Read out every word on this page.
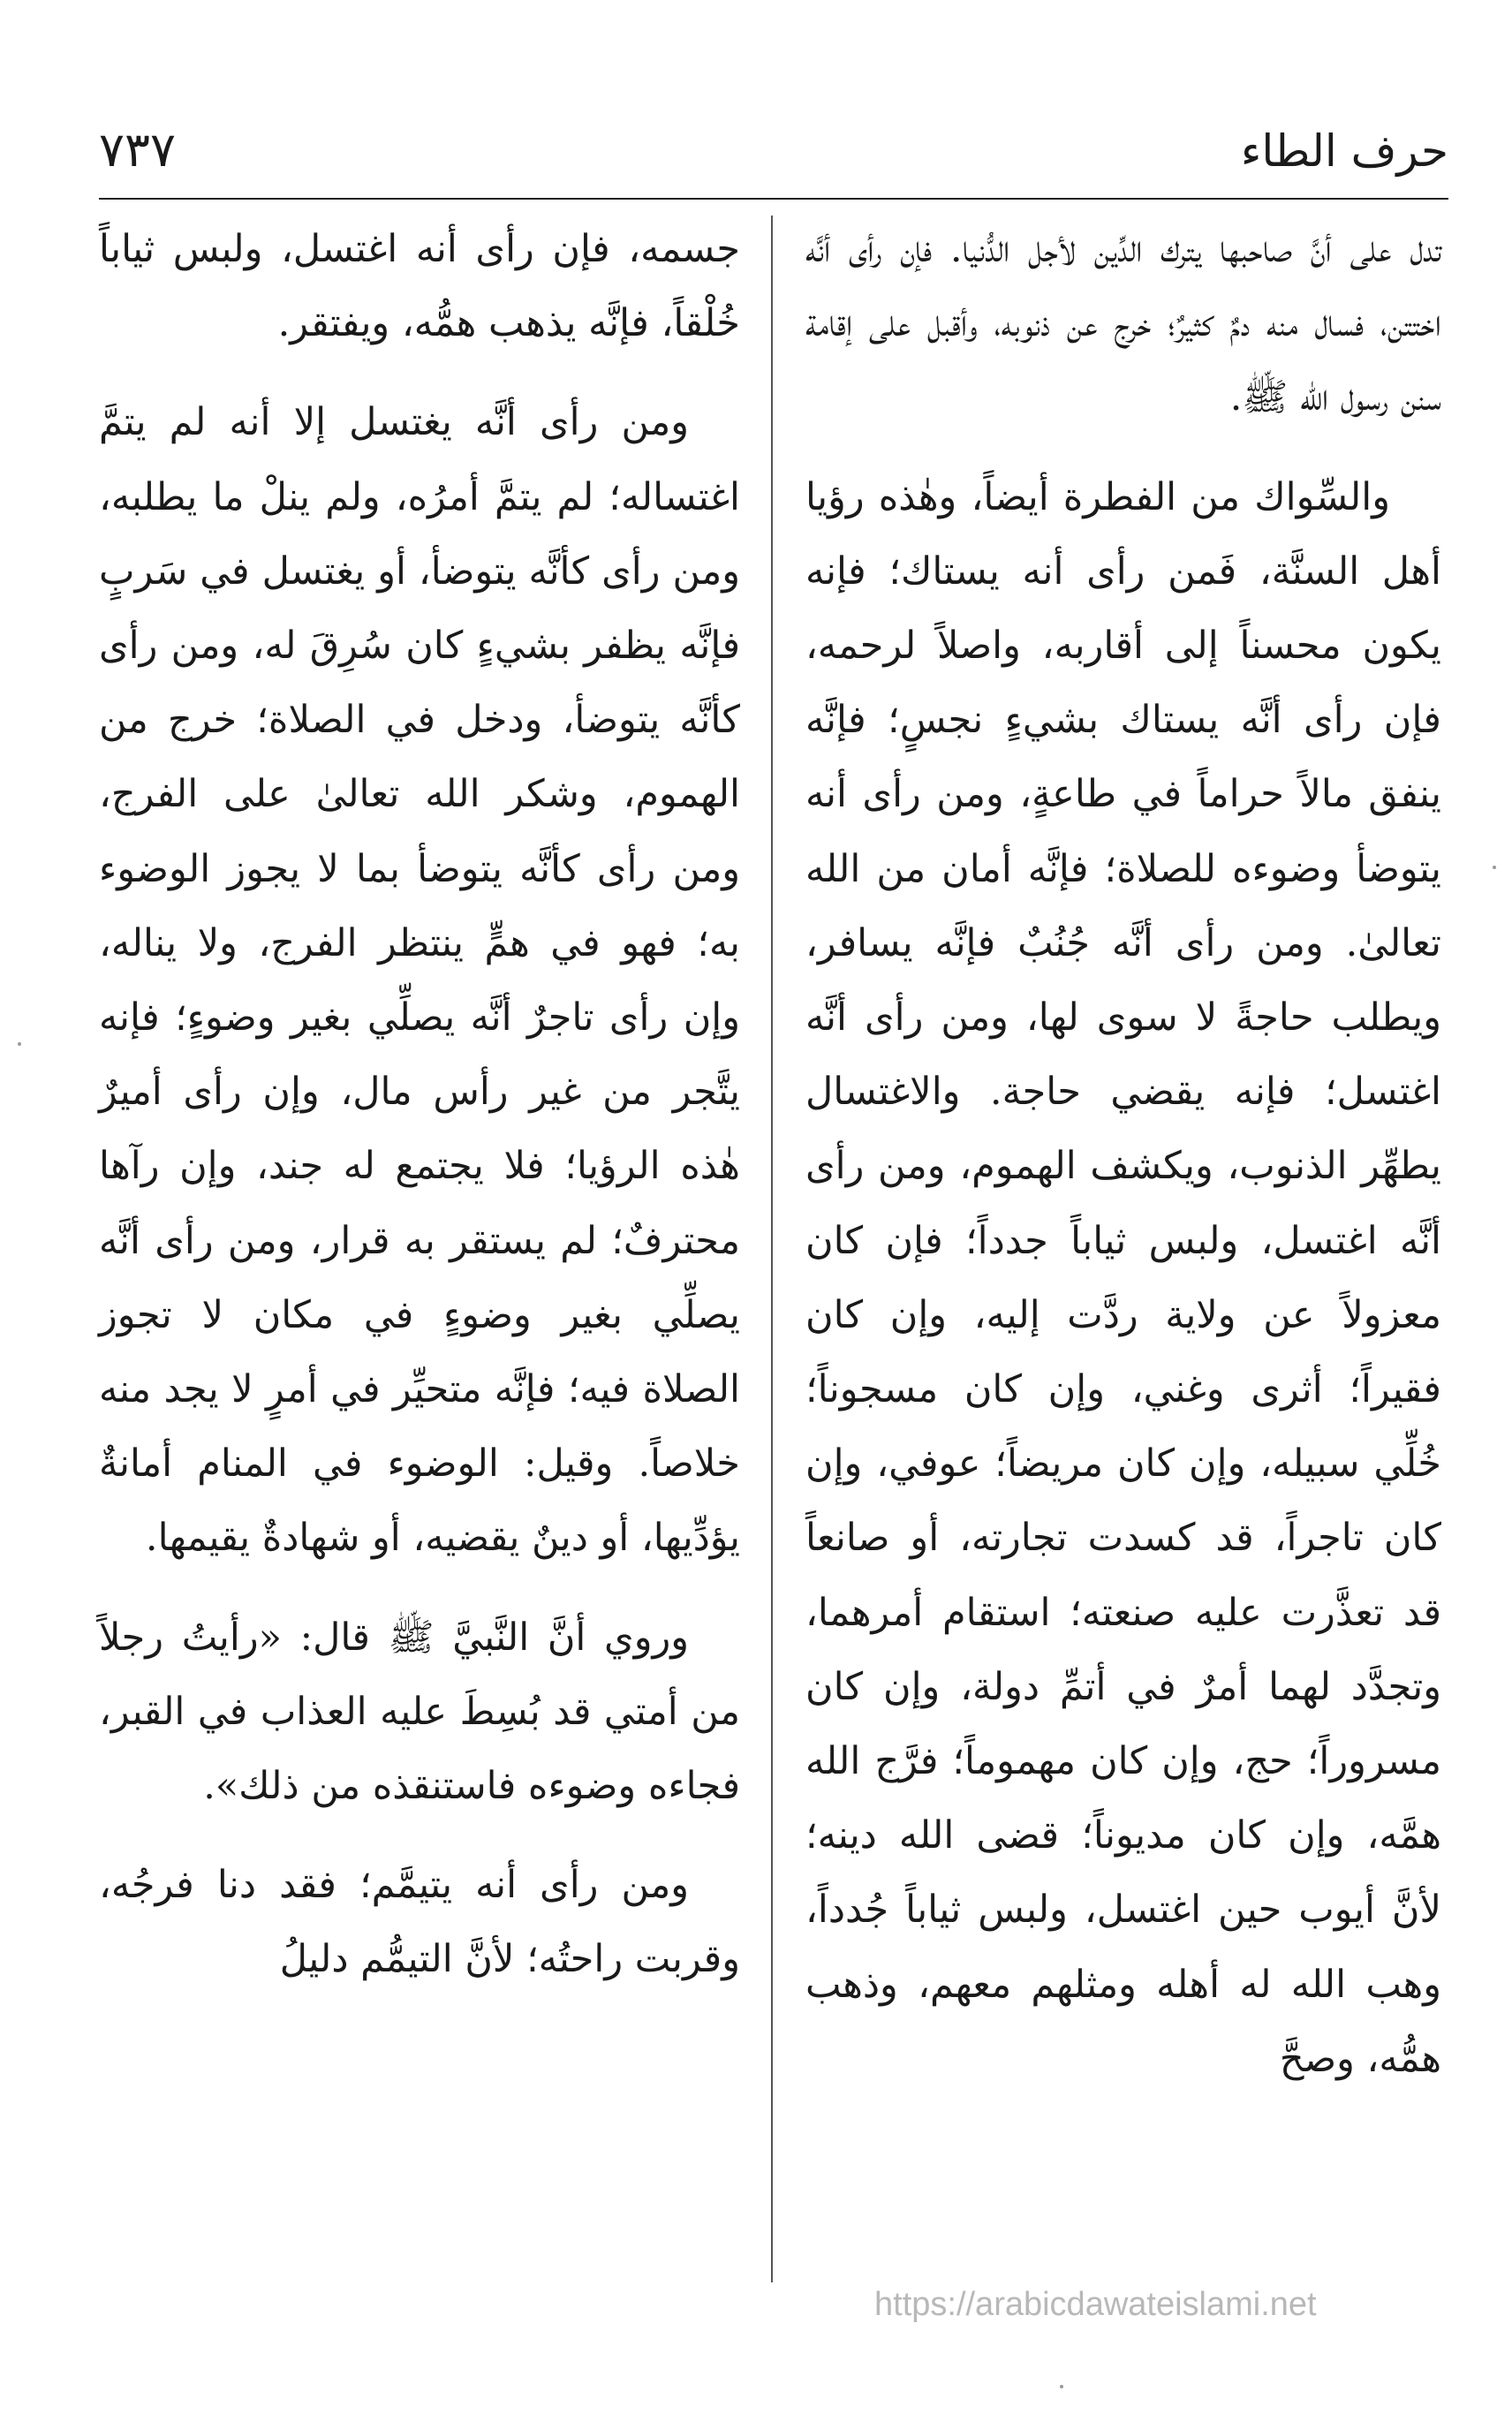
٧٣٧	حرف الطاء

تدل على أنَّ صاحبها يترك الدِّين لأجل الدُّنيا. فإن رأى أنَّه اختتن، فسال منه دمٌ كثيرٌ؛ خرج عن ذنوبه، وأقبل على إقامة سنن رسول الله ﷺ.

والسِّواك من الفطرة أيضاً، وهٰذه رؤيا أهل السنَّة، فَمن رأى أنه يستاك؛ فإنه يكون محسناً إلى أقاربه، واصلاً لرحمه، فإن رأى أنَّه يستاك بشيءٍ نجسٍ؛ فإنَّه ينفق مالاً حراماً في طاعةٍ، ومن رأى أنه يتوضأ وضوءه للصلاة؛ فإنَّه أمان من الله تعالىٰ. ومن رأى أنَّه جُنُبٌ فإنَّه يسافر، ويطلب حاجةً لا سوى لها، ومن رأى أنَّه اغتسل؛ فإنه يقضي حاجة. والاغتسال يطهِّر الذنوب، ويكشف الهموم، ومن رأى أنَّه اغتسل، ولبس ثياباً جدداً؛ فإن كان معزولاً عن ولاية ردَّت إليه، وإن كان فقيراً؛ أثرى وغني، وإن كان مسجوناً؛ خُلِّي سبيله، وإن كان مريضاً؛ عوفي، وإن كان تاجراً، قد كسدت تجارته، أو صانعاً قد تعذَّرت عليه صنعته؛ استقام أمرهما، وتجدَّد لهما أمرٌ في أتمِّ دولة، وإن كان مسروراً؛ حج، وإن كان مهموماً؛ فرَّج الله همَّه، وإن كان مديوناً؛ قضى الله دينه؛ لأنَّ أيوب حين اغتسل، ولبس ثياباً جُدداً، وهب الله له أهله ومثلهم معهم، وذهب همُّه، وصحَّ

جسمه، فإن رأى أنه اغتسل، ولبس ثياباً خُلْقاً، فإنَّه يذهب همُّه، ويفتقر.

ومن رأى أنَّه يغتسل إلا أنه لم يتمَّ اغتساله؛ لم يتمَّ أمرُه، ولم ينلْ ما يطلبه، ومن رأى كأنَّه يتوضأ، أو يغتسل في سَربٍ فإنَّه يظفر بشيءٍ كان سُرِقَ له، ومن رأى كأنَّه يتوضأ، ودخل في الصلاة؛ خرج من الهموم، وشكر الله تعالىٰ على الفرج، ومن رأى كأنَّه يتوضأ بما لا يجوز الوضوء به؛ فهو في همٍّ ينتظر الفرج، ولا يناله، وإن رأى تاجرٌ أنَّه يصلِّي بغير وضوءٍ؛ فإنه يتَّجر من غير رأس مال، وإن رأى أميرٌ هٰذه الرؤيا؛ فلا يجتمع له جند، وإن رآها محترفٌ؛ لم يستقر به قرار، ومن رأى أنَّه يصلِّي بغير وضوءٍ في مكان لا تجوز الصلاة فيه؛ فإنَّه متحيِّر في أمرٍ لا يجد منه خلاصاً. وقيل: الوضوء في المنام أمانةٌ يؤدِّيها، أو دينٌ يقضيه، أو شهادةٌ يقيمها.

وروي أنَّ النَّبيَّ ﷺ قال: «رأيتُ رجلاً من أمتي قد بُسِطَ عليه العذاب في القبر، فجاءه وضوءه فاستنقذه من ذلك».

ومن رأى أنه يتيمَّم؛ فقد دنا فرجُه، وقربت راحتُه؛ لأنَّ التيمُّم دليلُ

https://arabicdawateislami.net
